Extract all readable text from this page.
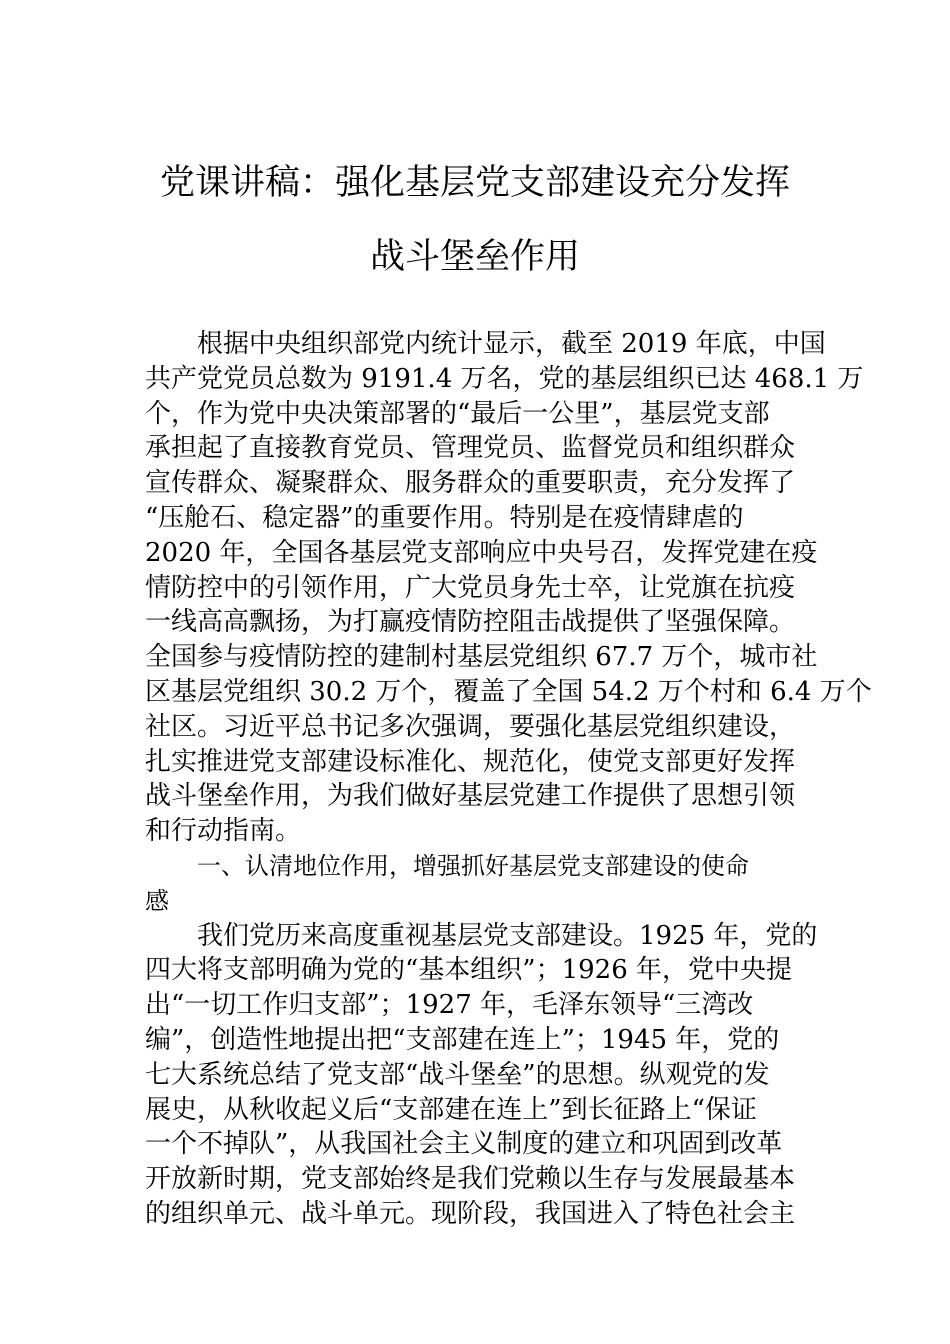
党课讲稿：强化基层党支部建设充分发挥
战斗堡垒作用
根据中央组织部党内统计显示，截至 2019 年底，中国
共产党党员总数为 9191.4 万名，党的基层组织已达 468.1 万
个，作为党中央决策部署的“最后一公里”，基层党支部
承担起了直接教育党员、管理党员、监督党员和组织群众
宣传群众、凝聚群众、服务群众的重要职责，充分发挥了
“压舱石、稳定器”的重要作用。特别是在疫情肆虐的
2020 年，全国各基层党支部响应中央号召，发挥党建在疫
情防控中的引领作用，广大党员身先士卒，让党旗在抗疫
一线高高飘扬，为打赢疫情防控阻击战提供了坚强保障。
全国参与疫情防控的建制村基层党组织 67.7 万个，城市社
区基层党组织 30.2 万个，覆盖了全国 54.2 万个村和 6.4 万个
社区。习近平总书记多次强调，要强化基层党组织建设，
扎实推进党支部建设标准化、规范化，使党支部更好发挥
战斗堡垒作用，为我们做好基层党建工作提供了思想引领
和行动指南。
一、认清地位作用，增强抓好基层党支部建设的使命
感
我们党历来高度重视基层党支部建设。1925 年，党的
四大将支部明确为党的“基本组织”；1926 年，党中央提
出“一切工作归支部”；1927 年，毛泽东领导“三湾改
编”，创造性地提出把“支部建在连上”；1945 年，党的
七大系统总结了党支部“战斗堡垒”的思想。纵观党的发
展史，从秋收起义后“支部建在连上”到长征路上“保证
一个不掉队”，从我国社会主义制度的建立和巩固到改革
开放新时期，党支部始终是我们党赖以生存与发展最基本
的组织单元、战斗单元。现阶段，我国进入了特色社会主
